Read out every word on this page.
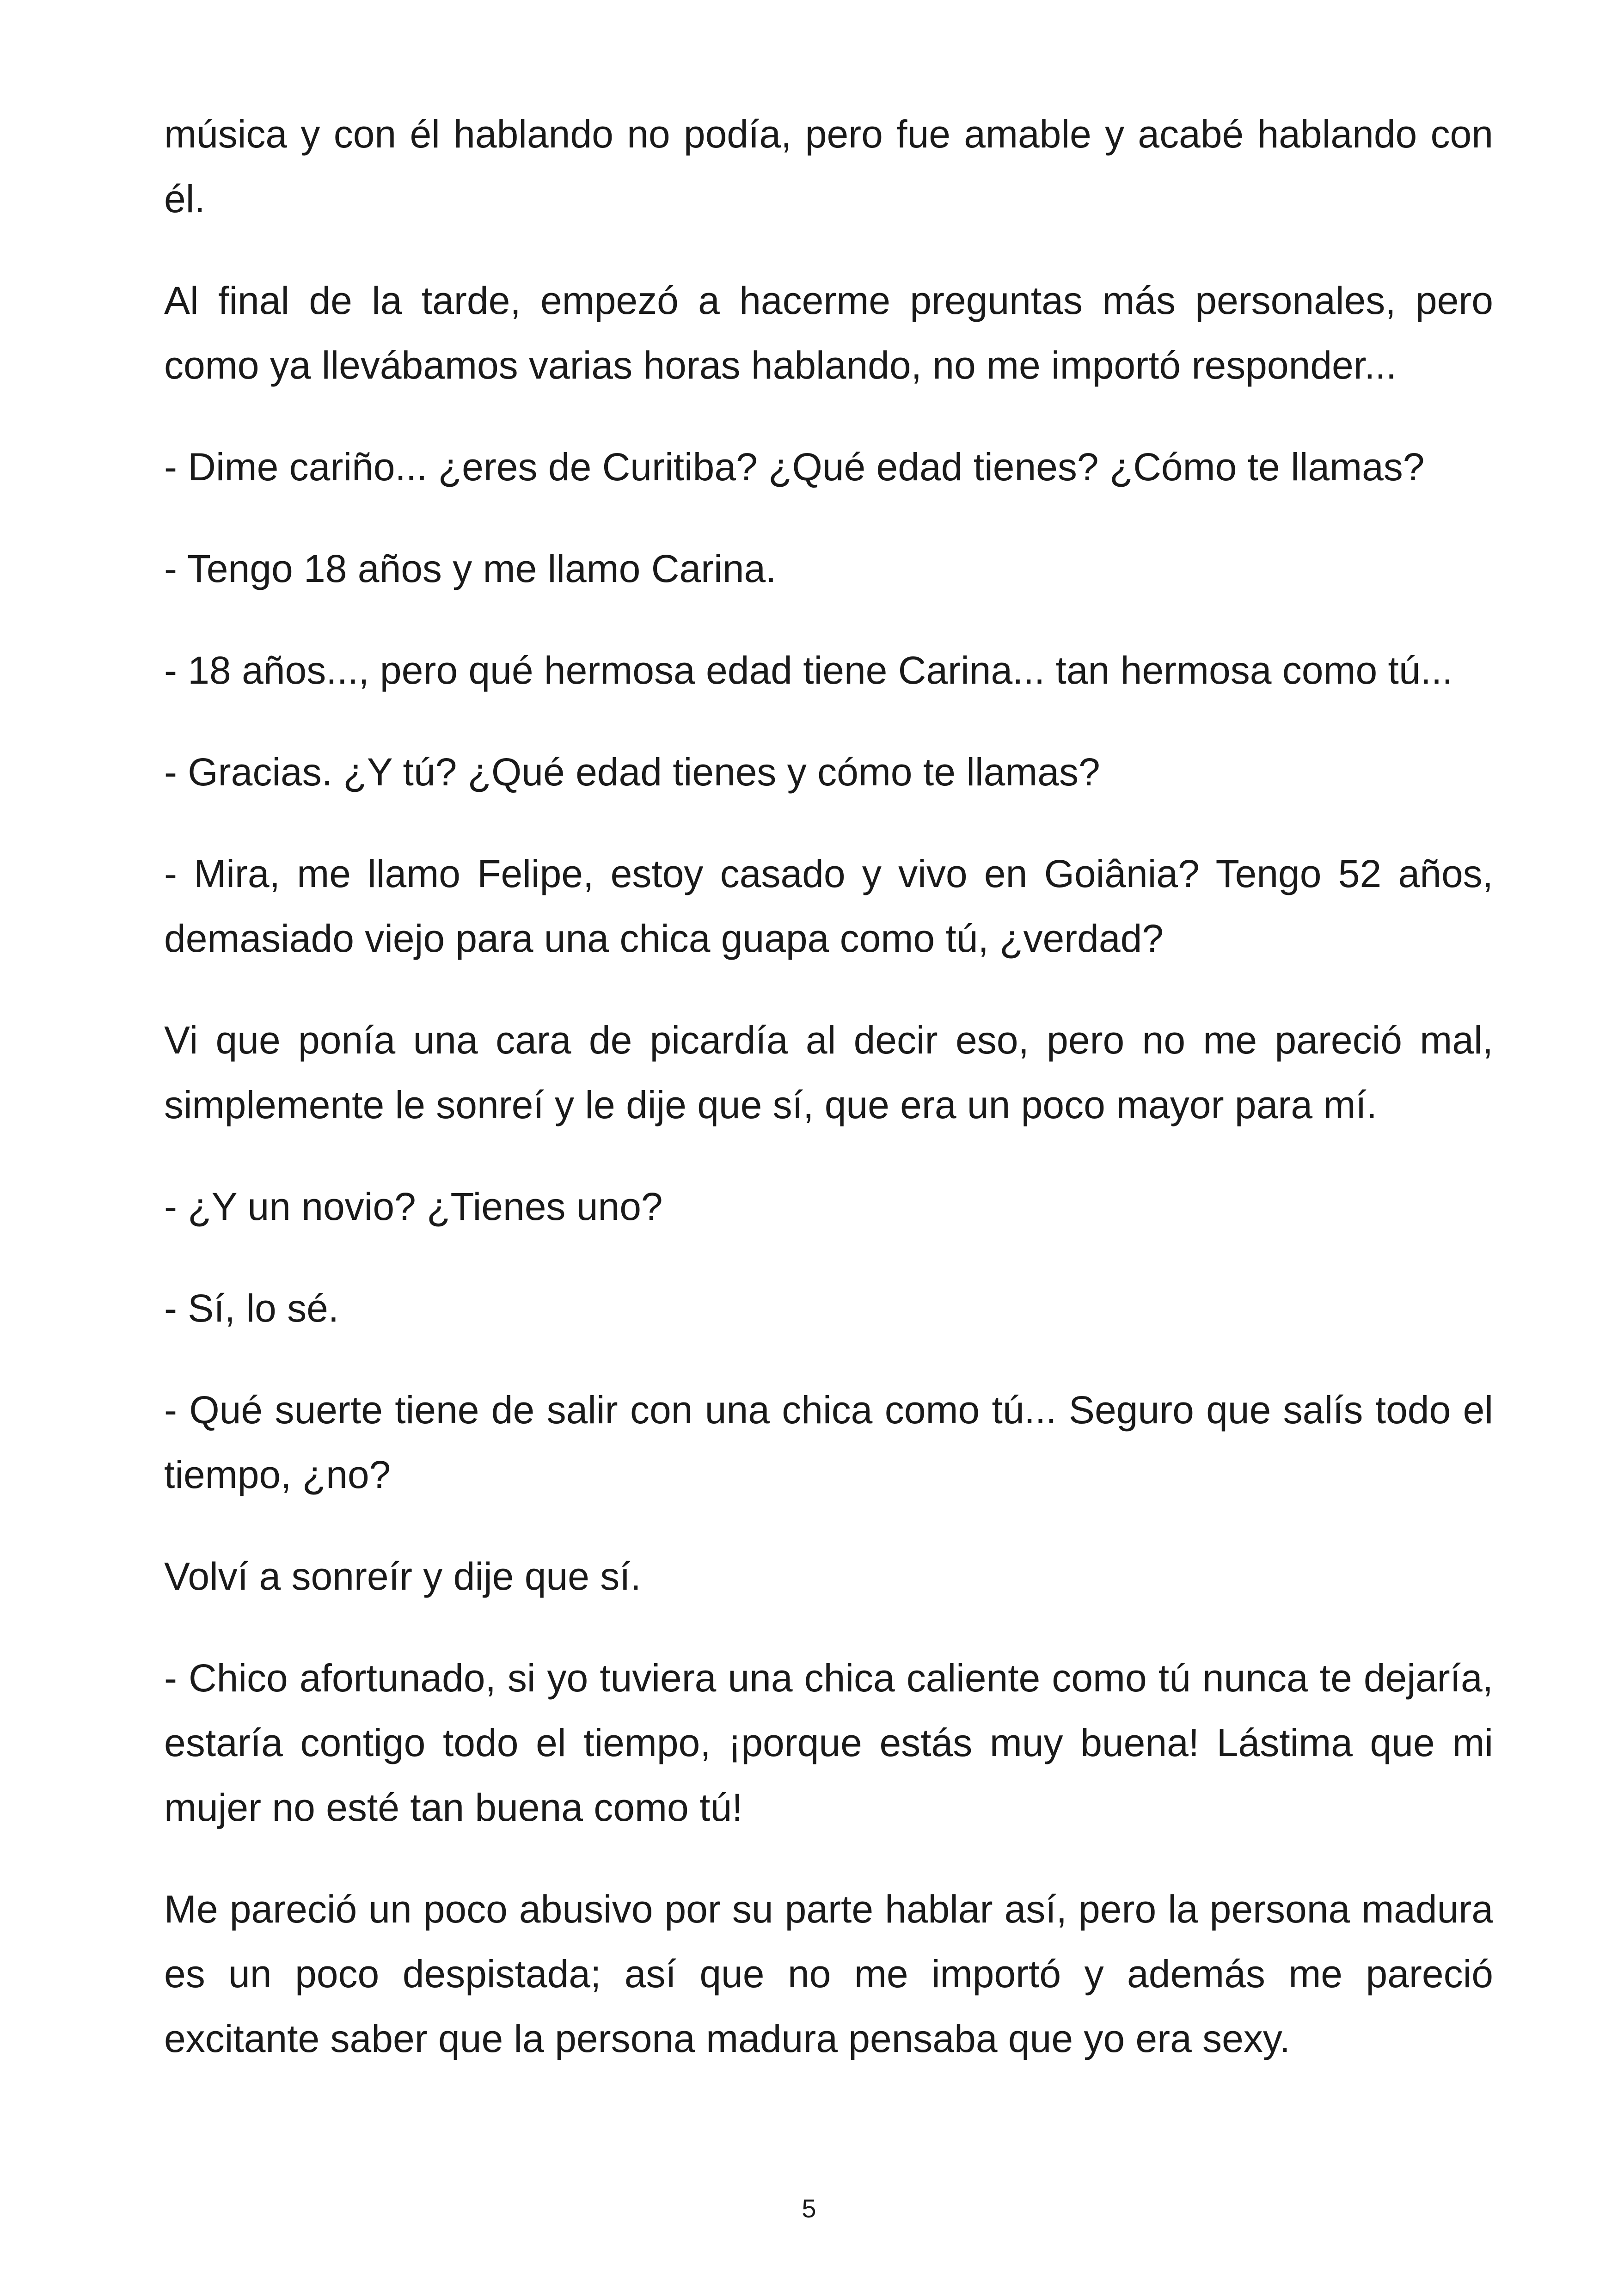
música y con él hablando no podía, pero fue amable y acabé hablando con él.

Al final de la tarde, empezó a hacerme preguntas más personales, pero como ya llevábamos varias horas hablando, no me importó responder...

- Dime cariño... ¿eres de Curitiba? ¿Qué edad tienes? ¿Cómo te llamas?

- Tengo 18 años y me llamo Carina.

- 18 años..., pero qué hermosa edad tiene Carina... tan hermosa como tú...

- Gracias. ¿Y tú? ¿Qué edad tienes y cómo te llamas?

- Mira, me llamo Felipe, estoy casado y vivo en Goiânia? Tengo 52 años, demasiado viejo para una chica guapa como tú, ¿verdad?

Vi que ponía una cara de picardía al decir eso, pero no me pareció mal, simplemente le sonreí y le dije que sí, que era un poco mayor para mí.

- ¿Y un novio? ¿Tienes uno?

- Sí, lo sé.

- Qué suerte tiene de salir con una chica como tú... Seguro que salís todo el tiempo, ¿no?

Volví a sonreír y dije que sí.

- Chico afortunado, si yo tuviera una chica caliente como tú nunca te dejaría, estaría contigo todo el tiempo, ¡porque estás muy buena! Lástima que mi mujer no esté tan buena como tú!

Me pareció un poco abusivo por su parte hablar así, pero la persona madura es un poco despistada; así que no me importó y además me pareció excitante saber que la persona madura pensaba que yo era sexy.

5
